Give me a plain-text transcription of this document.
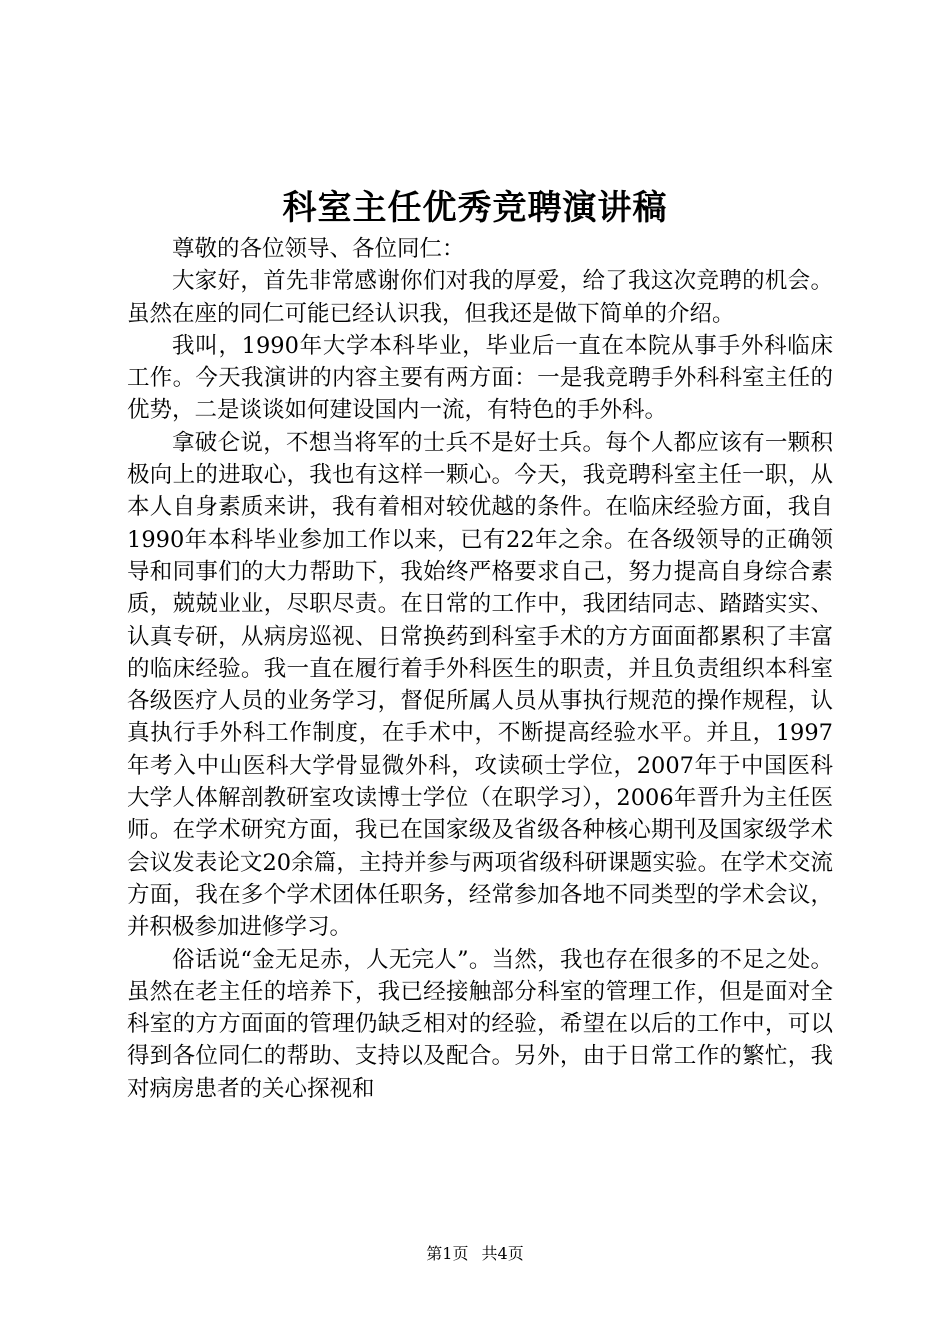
科室主任优秀竞聘演讲稿

尊敬的各位领导、各位同仁：

大家好，首先非常感谢你们对我的厚爱，给了我这次竞聘的机会。虽然在座的同仁可能已经认识我，但我还是做下简单的介绍。

我叫，1990年大学本科毕业，毕业后一直在本院从事手外科临床工作。今天我演讲的内容主要有两方面：一是我竞聘手外科科室主任的优势，二是谈谈如何建设国内一流，有特色的手外科。

拿破仑说，不想当将军的士兵不是好士兵。每个人都应该有一颗积极向上的进取心，我也有这样一颗心。今天，我竞聘科室主任一职，从本人自身素质来讲，我有着相对较优越的条件。在临床经验方面，我自1990年本科毕业参加工作以来，已有22年之余。在各级领导的正确领导和同事们的大力帮助下，我始终严格要求自己，努力提高自身综合素质，兢兢业业，尽职尽责。在日常的工作中，我团结同志、踏踏实实、认真专研，从病房巡视、日常换药到科室手术的方方面面都累积了丰富的临床经验。我一直在履行着手外科医生的职责，并且负责组织本科室各级医疗人员的业务学习，督促所属人员从事执行规范的操作规程，认真执行手外科工作制度，在手术中，不断提高经验水平。并且，1997年考入中山医科大学骨显微外科，攻读硕士学位，2007年于中国医科大学人体解剖教研室攻读博士学位（在职学习），2006年晋升为主任医师。在学术研究方面，我已在国家级及省级各种核心期刊及国家级学术会议发表论文20余篇，主持并参与两项省级科研课题实验。在学术交流方面，我在多个学术团体任职务，经常参加各地不同类型的学术会议，并积极参加进修学习。

俗话说“金无足赤，人无完人”。当然，我也存在很多的不足之处。虽然在老主任的培养下，我已经接触部分科室的管理工作，但是面对全科室的方方面面的管理仍缺乏相对的经验，希望在以后的工作中，可以得到各位同仁的帮助、支持以及配合。另外，由于日常工作的繁忙，我对病房患者的关心探视和

第1页 共4页
